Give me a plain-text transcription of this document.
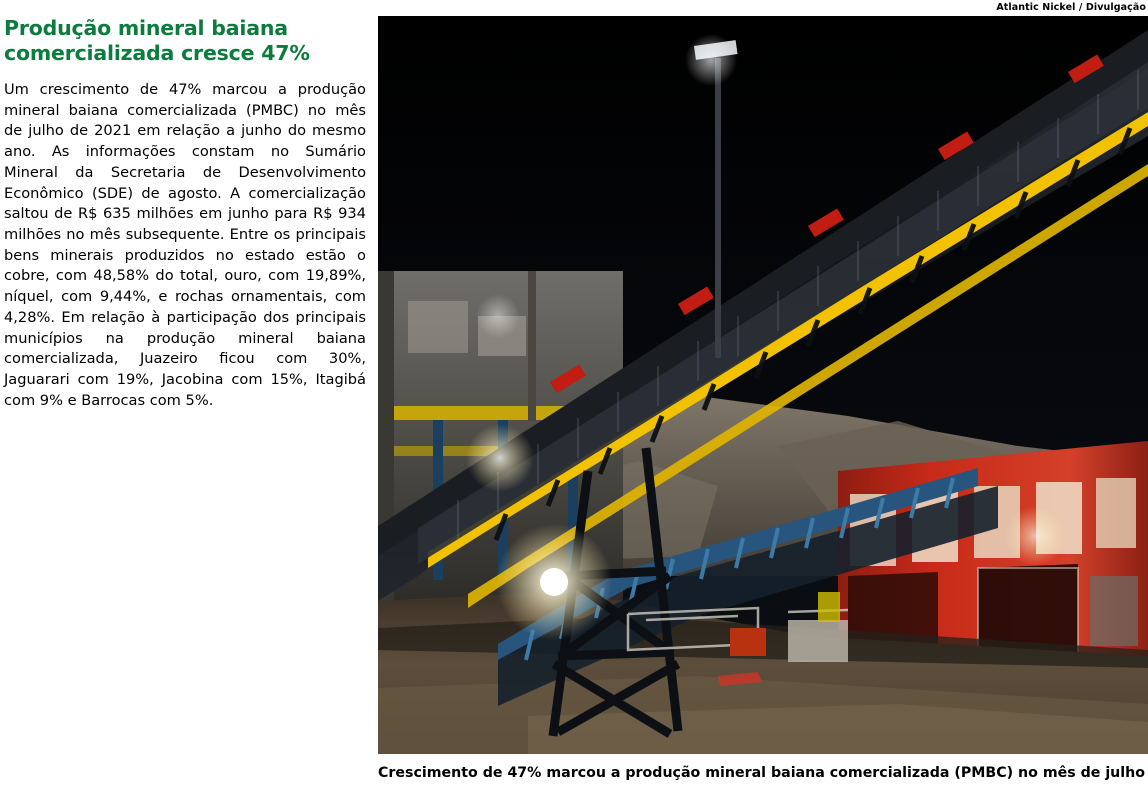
Produção mineral baiana comercializada cresce 47%

Um crescimento de 47% marcou a produção mineral baiana comercializada (PMBC) no mês de julho de 2021 em relação a junho do mesmo ano. As informações constam no Sumário Mineral da Secretaria de Desenvolvimento Econômico (SDE) de agosto. A comercialização saltou de R$ 635 milhões em junho para R$ 934 milhões no mês subsequente. Entre os principais bens minerais produzidos no estado estão o cobre, com 48,58% do total, ouro, com 19,89%, níquel, com 9,44%, e rochas ornamentais, com 4,28%. Em relação à participação dos principais municípios na produção mineral baiana comercializada, Juazeiro ficou com 30%, Jaguarari com 19%, Jacobina com 15%, Itagibá com 9% e Barrocas com 5%.

Atlantic Nickel / Divulgação
Crescimento de 47% marcou a produção mineral baiana comercializada (PMBC) no mês de julho
